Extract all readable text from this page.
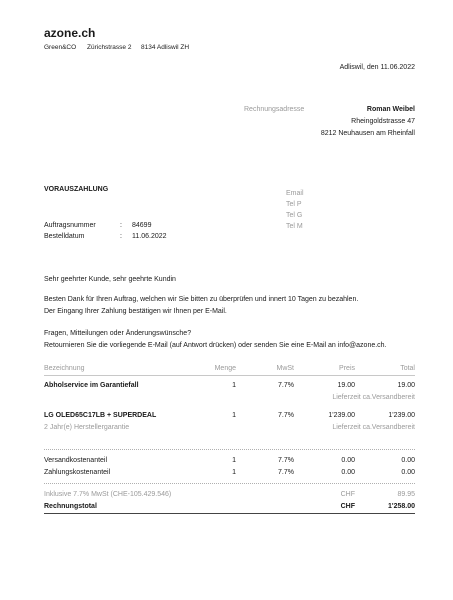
azone.ch
Green&CO Zürichstrasse 2 8134 Adliswil ZH
Adliswil, den 11.06.2022
Rechnungsadresse	Roman Weibel
Rheingoldstrasse 47
8212 Neuhausen am Rheinfall
VORAUSZAHLUNG
Email
Tel P
Tel G
Tel M
Auftragsnummer	: 84699
Bestelldatum	: 11.06.2022
Sehr geehrter Kunde, sehr geehrte Kundin
Besten Dank für Ihren Auftrag, welchen wir Sie bitten zu überprüfen und innert 10 Tagen zu bezahlen.
Der Eingang Ihrer Zahlung bestätigen wir Ihnen per E-Mail.
Fragen, Mitteilungen oder Änderungswünsche?
Retournieren Sie die vorliegende E-Mail (auf Antwort drücken) oder senden Sie eine E-Mail an info@azone.ch.
Bezeichnung	Menge	MwSt	Preis	Total
Abholservice im Garantiefall	1	7.7%	19.00	19.00
Lieferzeit ca. Versandbereit
LG OLED65C17LB + SUPERDEAL	1	7.7%	1'239.00	1'239.00
2 Jahr(e) Herstellergarantie	Lieferzeit ca. Versandbereit
Versandkostenanteil	1	7.7%	0.00	0.00
Zahlungskostenanteil	1	7.7%	0.00	0.00
Inklusive 7.7% MwSt (CHE-105.429.546)	CHF	89.95
Rechnungstotal	CHF	1'258.00
